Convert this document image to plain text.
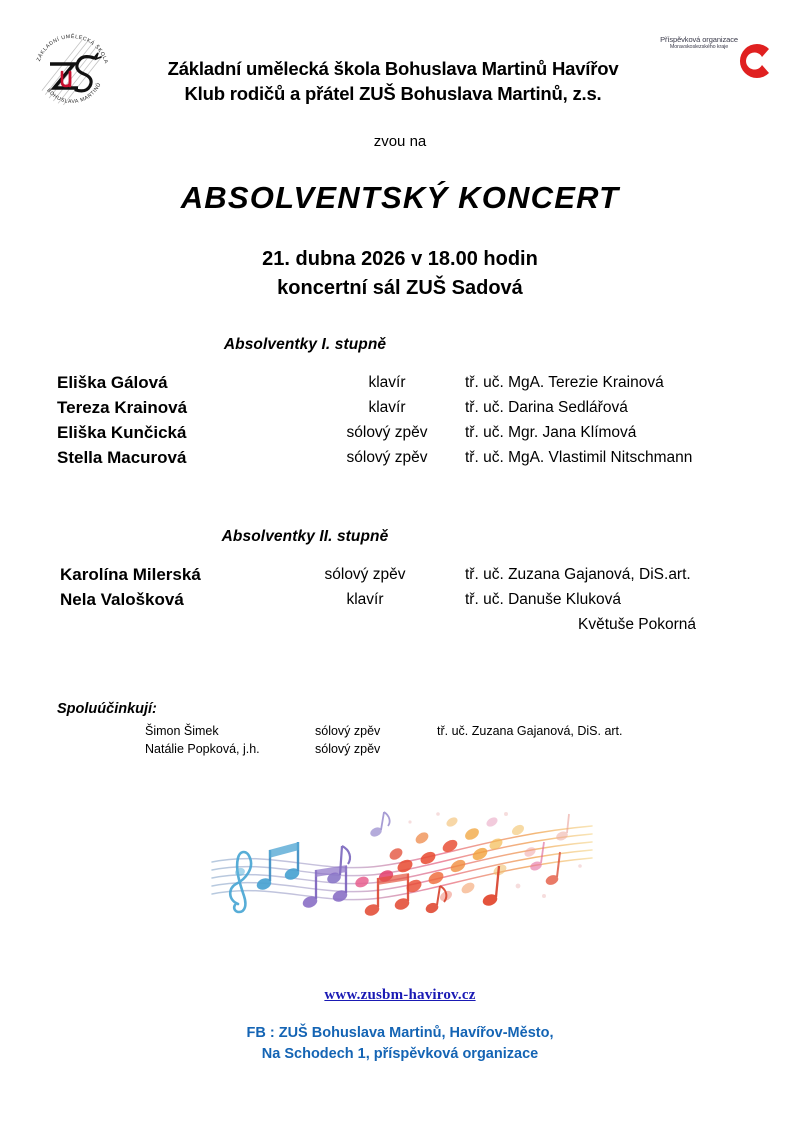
ZÁKLADNÍ UMĚLECKÁ ŠKOLA
BOHUSLAVA MARTINŮ
Příspěvková organizace
Moravskoslezského kraje
Základní umělecká škola Bohuslava Martinů Havířov
Klub rodičů a přátel ZUŠ Bohuslava Martinů, z.s.
zvou na
ABSOLVENTSKÝ KONCERT
21. dubna 2026 v 18.00 hodin
koncertní sál ZUŠ Sadová
Absolventky I. stupně
Eliška Gálová	klavír	tř. uč. MgA. Terezie Krainová
Tereza Krainová	klavír	tř. uč. Darina Sedlářová
Eliška Kunčická	sólový zpěv	tř. uč. Mgr. Jana Klímová
Stella Macurová	sólový zpěv	tř. uč. MgA. Vlastimil Nitschmann
Absolventky II. stupně
Karolína Milerská	sólový zpěv	tř. uč. Zuzana Gajanová, DiS.art.
Nela Valošková	klavír	tř. uč. Danuše Kluková
Květuše Pokorná
Spoluúčinkují:
Šimon Šimek	sólový zpěv	tř. uč. Zuzana Gajanová, DiS. art.
Natálie Popková, j.h.	sólový zpěv
www.zusbm-havirov.cz
FB : ZUŠ Bohuslava Martinů, Havířov-Město,
Na Schodech 1, příspěvková organizace
